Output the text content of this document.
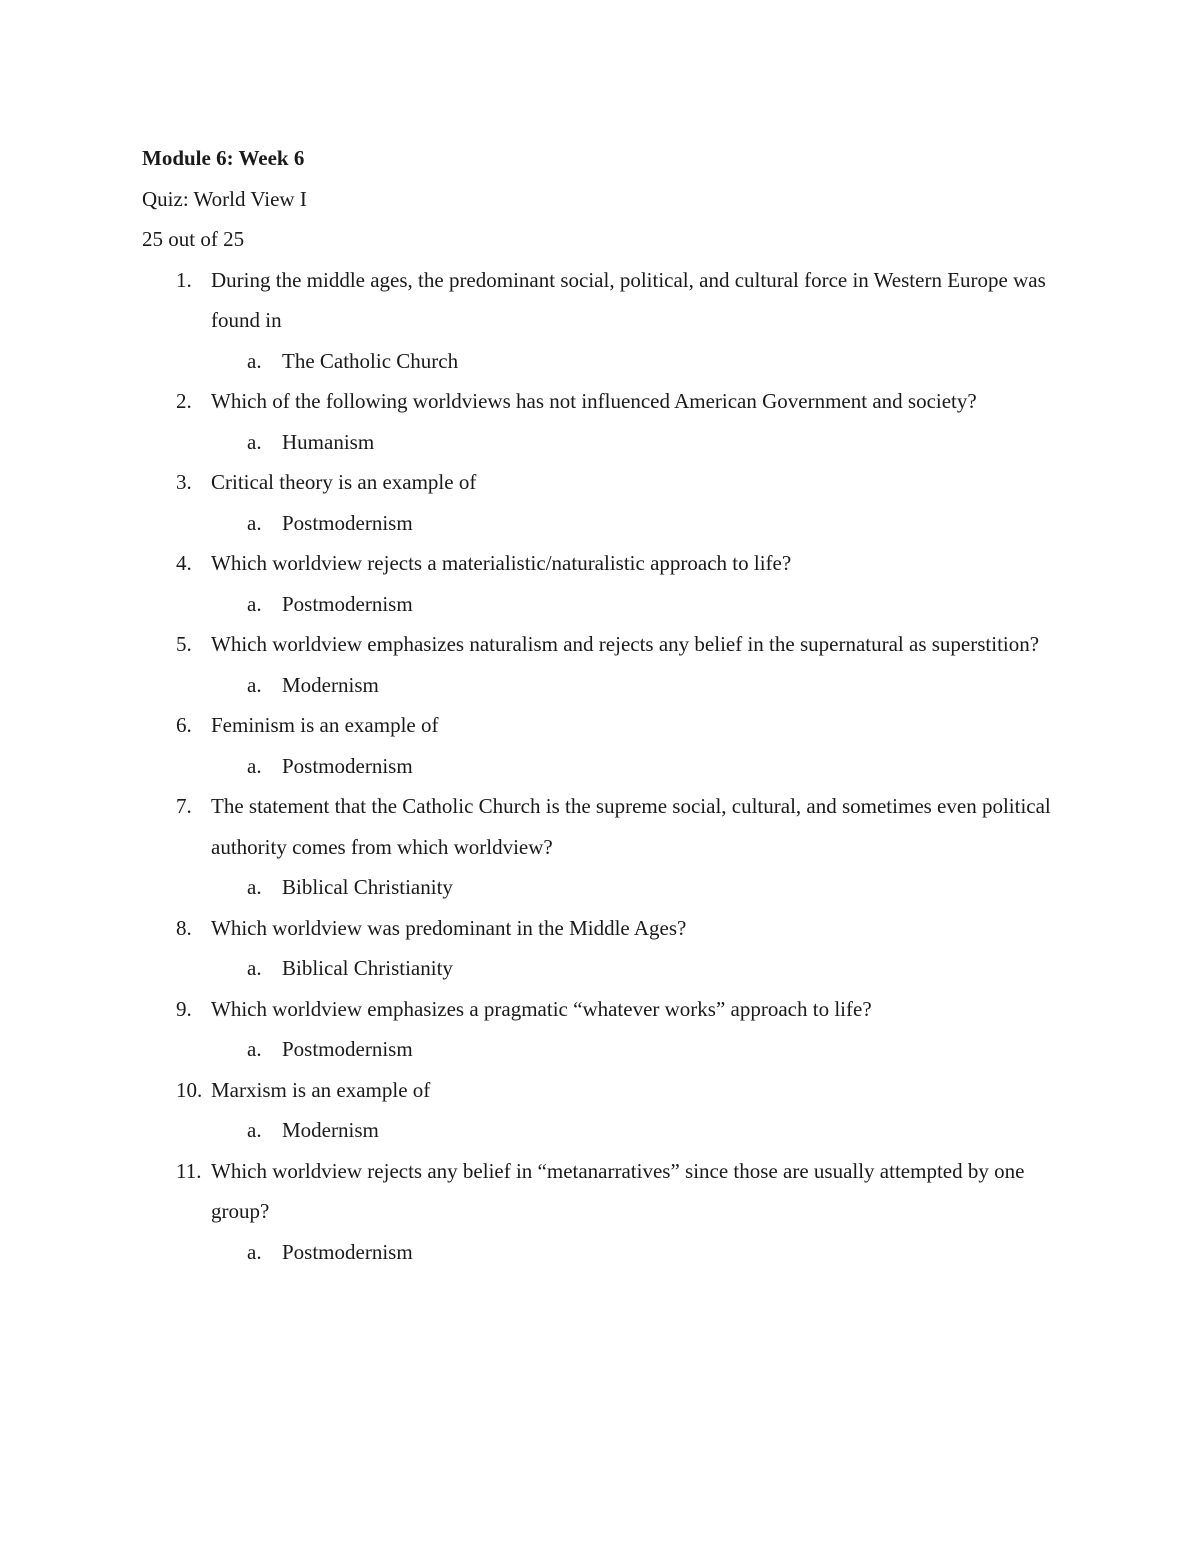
Module 6: Week 6

Quiz: World View I

25 out of 25

1. During the middle ages, the predominant social, political, and cultural force in Western Europe was found in
a. The Catholic Church
2. Which of the following worldviews has not influenced American Government and society?
a. Humanism
3. Critical theory is an example of
a. Postmodernism
4. Which worldview rejects a materialistic/naturalistic approach to life?
a. Postmodernism
5. Which worldview emphasizes naturalism and rejects any belief in the supernatural as superstition?
a. Modernism
6. Feminism is an example of
a. Postmodernism
7. The statement that the Catholic Church is the supreme social, cultural, and sometimes even political authority comes from which worldview?
a. Biblical Christianity
8. Which worldview was predominant in the Middle Ages?
a. Biblical Christianity
9. Which worldview emphasizes a pragmatic “whatever works” approach to life?
a. Postmodernism
10. Marxism is an example of
a. Modernism
11. Which worldview rejects any belief in “metanarratives” since those are usually attempted by one group?
a. Postmodernism
